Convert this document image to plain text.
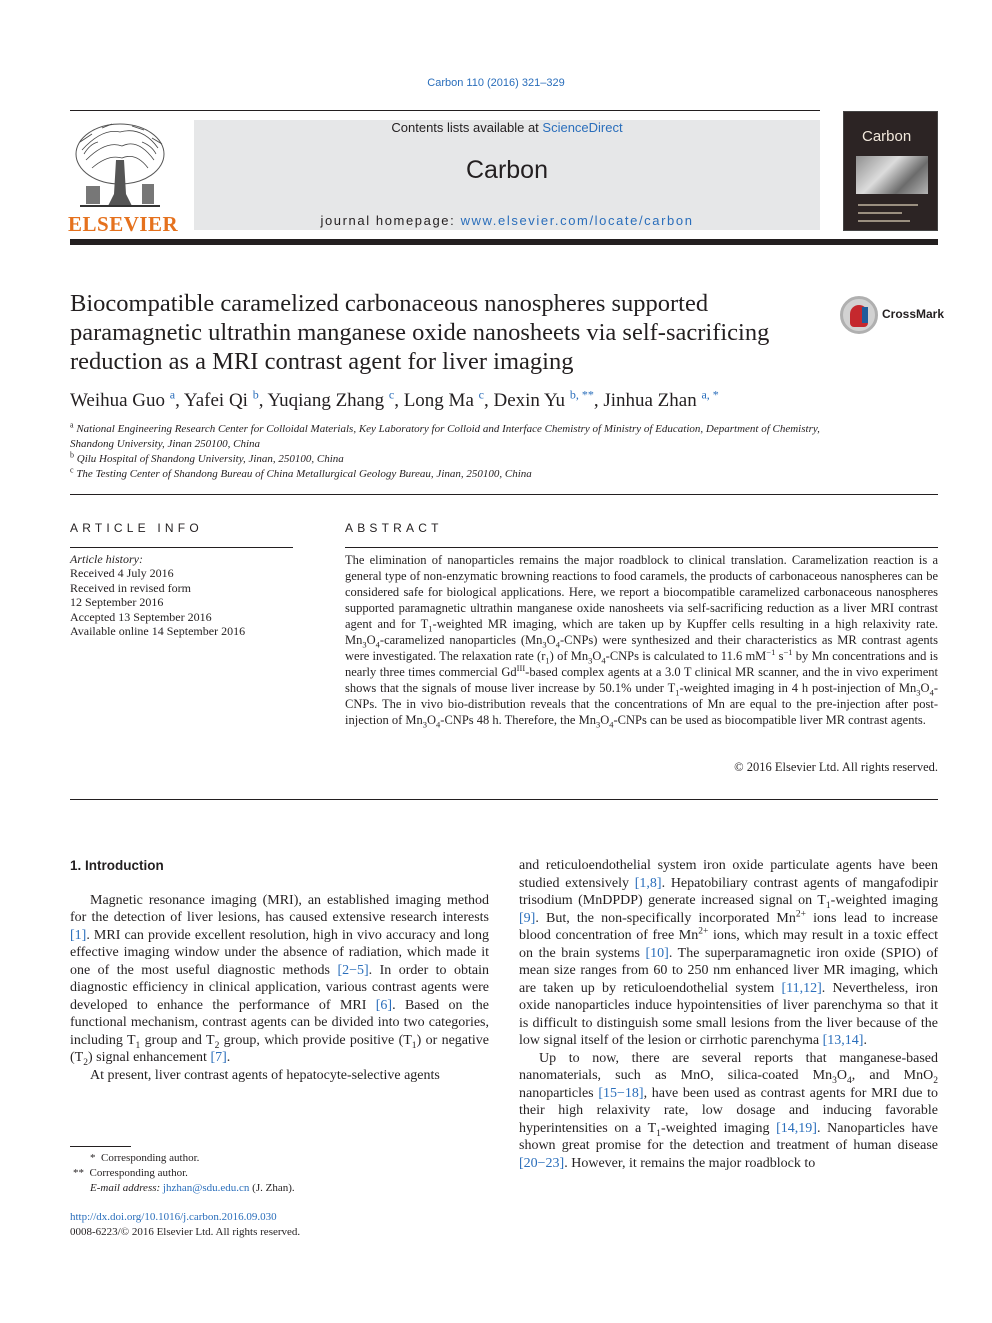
Carbon 110 (2016) 321–329
ELSEVIER
Contents lists available at ScienceDirect
Carbon
journal homepage: www.elsevier.com/locate/carbon
Carbon
Biocompatible caramelized carbonaceous nanospheres supported paramagnetic ultrathin manganese oxide nanosheets via self-sacrificing reduction as a MRI contrast agent for liver imaging
CrossMark
Weihua Guo $^a$, Yafei Qi $^b$, Yuqiang Zhang $^c$, Long Ma $^c$, Dexin Yu $^{b, **}$, Jinhua Zhan $^{a, *}$
$^a$ National Engineering Research Center for Colloidal Materials, Key Laboratory for Colloid and Interface Chemistry of Ministry of Education, Department of Chemistry, Shandong University, Jinan 250100, China
$^b$ Qilu Hospital of Shandong University, Jinan, 250100, China
$^c$ The Testing Center of Shandong Bureau of China Metallurgical Geology Bureau, Jinan, 250100, China
ARTICLE INFO
Article history:
Received 4 July 2016
Received in revised form
12 September 2016
Accepted 13 September 2016
Available online 14 September 2016
ABSTRACT
The elimination of nanoparticles remains the major roadblock to clinical translation. Caramelization reaction is a general type of non-enzymatic browning reactions to food caramels, the products of carbonaceous nanospheres can be considered safe for biological applications. Here, we report a biocompatible caramelized carbonaceous nanospheres supported paramagnetic ultrathin manganese oxide nanosheets via self-sacrificing reduction as a liver MRI contrast agent and for $T_1$-weighted MR imaging, which are taken up by Kupffer cells resulting in a high relaxivity rate. $Mn_3O_4$-caramelized nanoparticles $(Mn_3O_4-CNPs)$ were synthesized and their characteristics as MR contrast agents were investigated. The relaxation rate $(r_1)$ of $Mn_3O_4$-CNPs is calculated to 11.6 $mM^{-1}$ $s^{-1}$ by Mn concentrations and is nearly three times commercial $Gd^{III}$-based complex agents at a 3.0 T clinical MR scanner, and the in vivo experiment shows that the signals of mouse liver increase by 50.1% under $T_1$-weighted imaging in 4 h post-injection of $Mn_3O_4$-CNPs. The in vivo bio-distribution reveals that the concentrations of Mn are equal to the pre-injection after post-injection of $Mn_3O_4$-CNPs 48 h. Therefore, the $Mn_3O_4$-CNPs can be used as biocompatible liver MR contrast agents.
© 2016 Elsevier Ltd. All rights reserved.
1. Introduction

Magnetic resonance imaging (MRI), an established imaging method for the detection of liver lesions, has caused extensive research interests [1]. MRI can provide excellent resolution, high in vivo accuracy and long effective imaging window under the absence of radiation, which made it one of the most useful diagnostic methods [2−5]. In order to obtain diagnostic efficiency in clinical application, various contrast agents were developed to enhance the performance of MRI [6]. Based on the functional mechanism, contrast agents can be divided into two categories, including $T_1$ group and $T_2$ group, which provide positive $(T_1)$ or negative $(T_2)$ signal enhancement [7].

At present, liver contrast agents of hepatocyte-selective agents

and reticuloendothelial system iron oxide particulate agents have been studied extensively [1,8]. Hepatobiliary contrast agents of mangafodipir trisodium (MnDPDP) generate increased signal on $T_1$-weighted imaging [9]. But, the non-specifically incorporated $Mn^{2+}$ ions lead to increase blood concentration of free $Mn^{2+}$ ions, which may result in a toxic effect on the brain systems [10]. The superparamagnetic iron oxide (SPIO) of mean size ranges from 60 to 250 nm enhanced liver MR imaging, which are taken up by reticuloendothelial system [11,12]. Nevertheless, iron oxide nanoparticles induce hypointensities of liver parenchyma so that it is difficult to distinguish some small lesions from the liver because of the low signal itself of the lesion or cirrhotic parenchyma [13,14].

Up to now, there are several reports that manganese-based nanomaterials, such as MnO, silica-coated $Mn_3O_4$, and MnO$_2$ nanoparticles [15−18], have been used as contrast agents for MRI due to their high relaxivity rate, low dosage and inducing favorable hyperintensities on a $T_1$-weighted imaging [14,19]. Nanoparticles have shown great promise for the detection and treatment of human disease [20−23]. However, it remains the major roadblock to

* Corresponding author.
** Corresponding author.
E-mail address: jhzhan@sdu.edu.cn (J. Zhan).
http://dx.doi.org/10.1016/j.carbon.2016.09.030
0008-6223/© 2016 Elsevier Ltd. All rights reserved.
